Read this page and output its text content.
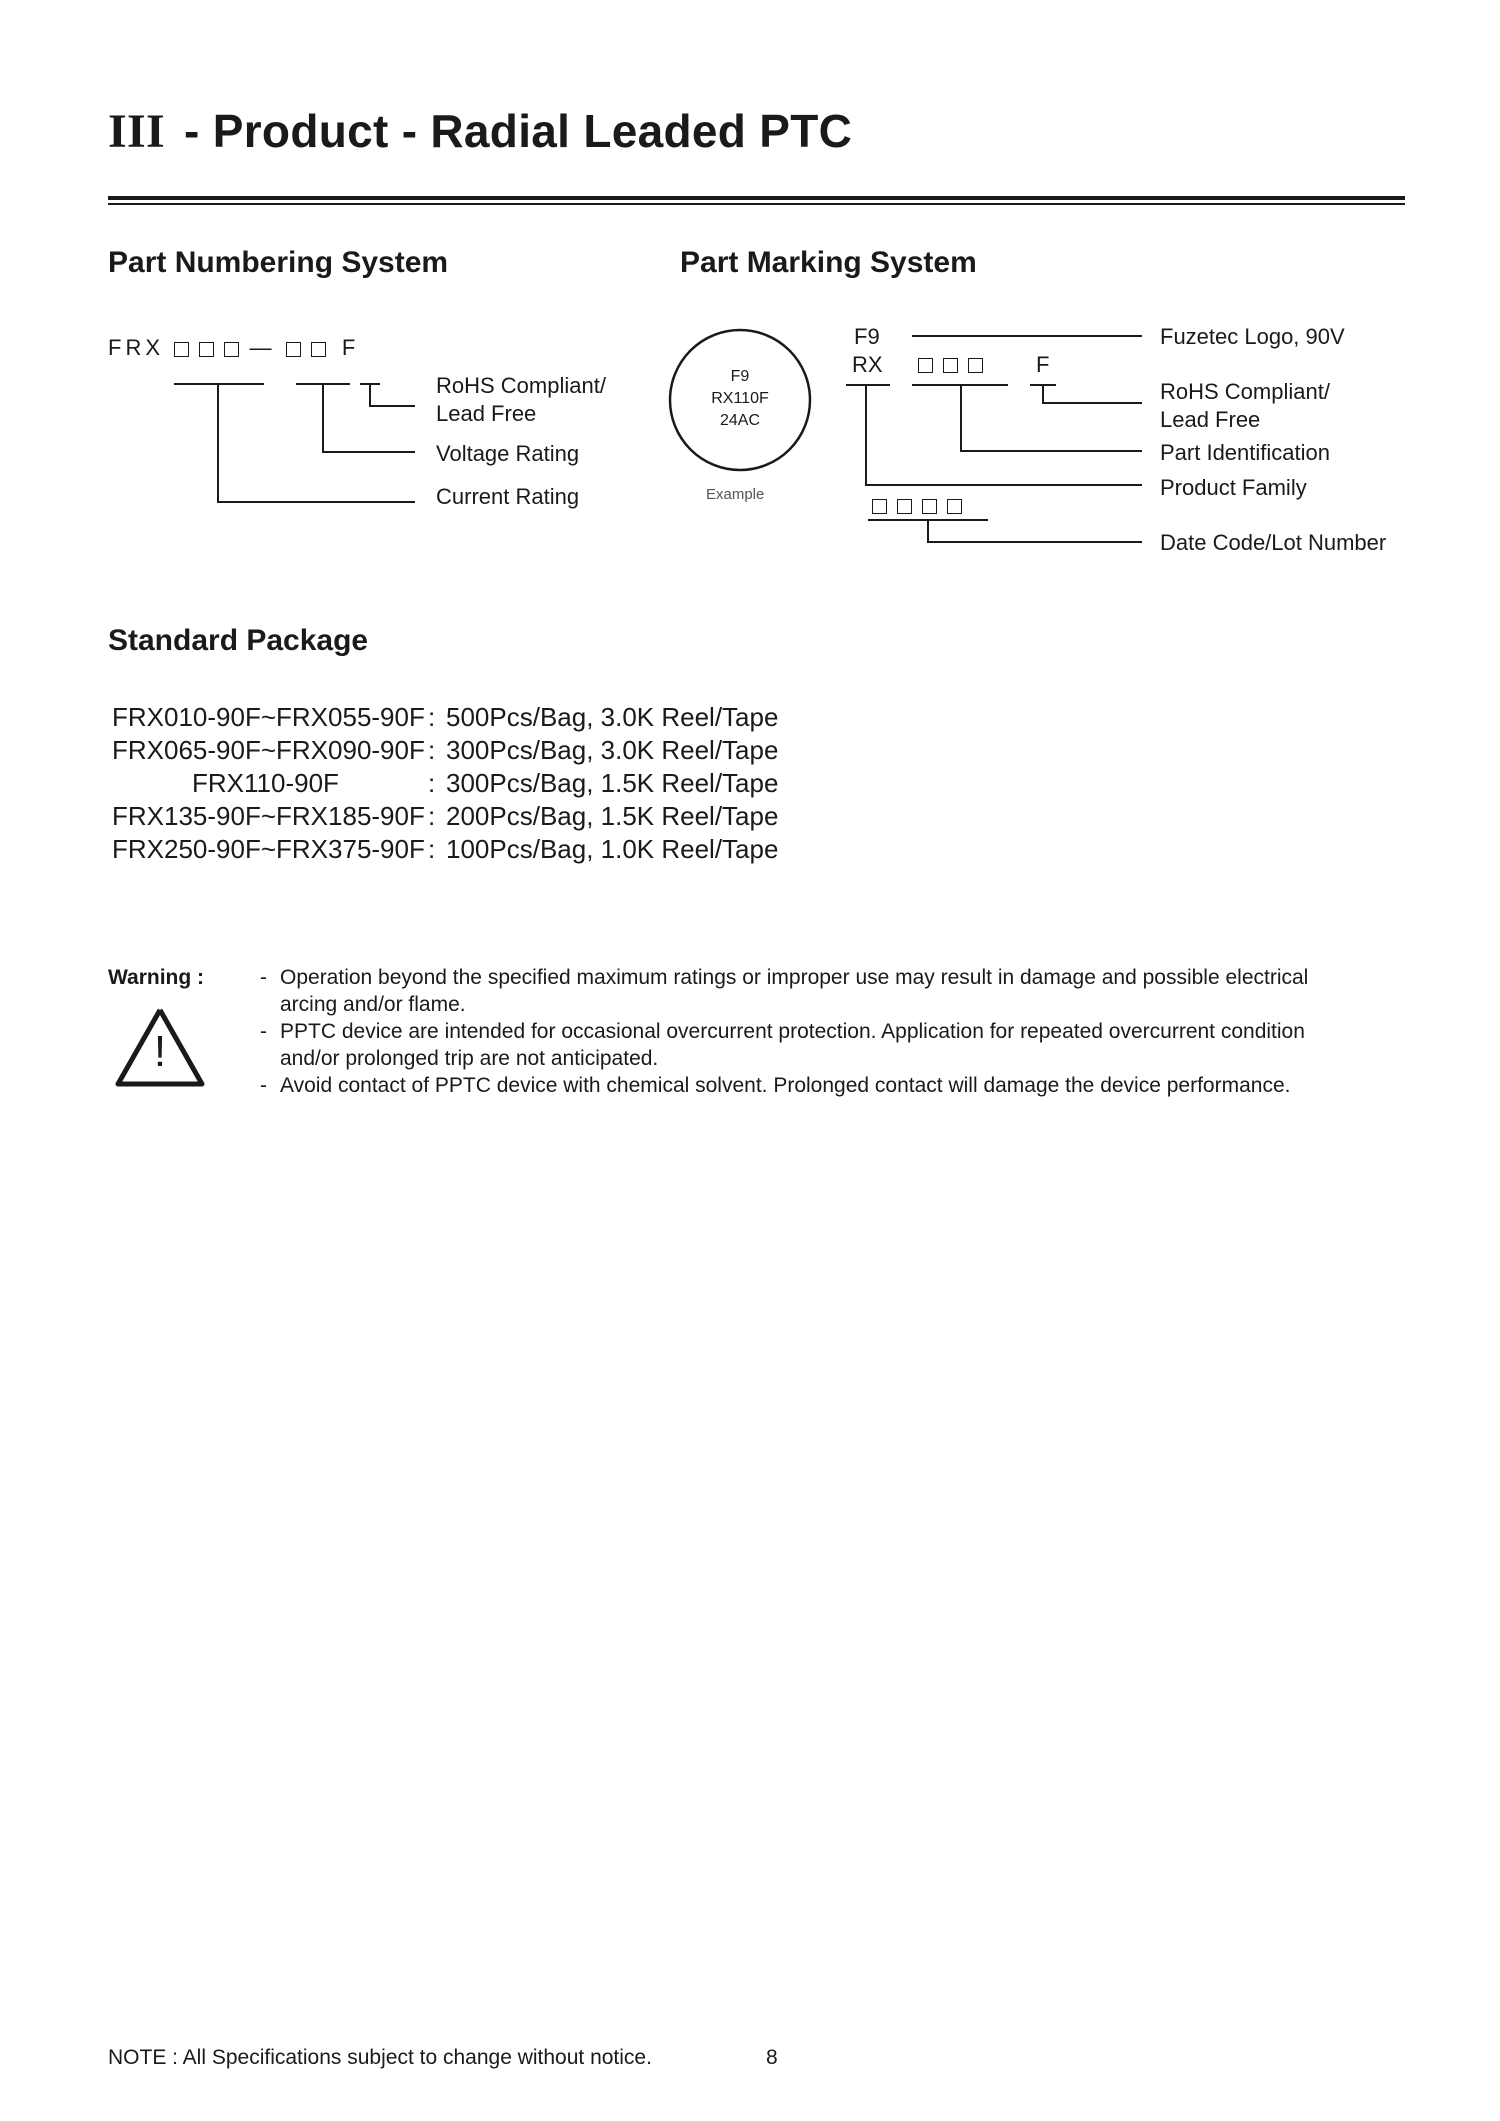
III - Product - Radial Leaded PTC
Part Numbering System
FRX	—	F
RoHS Compliant/
Lead Free
Voltage Rating
Current Rating
Part Marking System
F9
RX110F
24AC
Example
F9
RX
	F

Fuzetec Logo, 90V
RoHS Compliant/
Lead Free
Part Identification
Product Family
Date Code/Lot Number
Standard Package
FRX010-90F~FRX055-90F : 500Pcs/Bag, 3.0K Reel/Tape
FRX065-90F~FRX090-90F : 300Pcs/Bag, 3.0K Reel/Tape
FRX110-90F	: 300Pcs/Bag, 1.5K Reel/Tape
FRX135-90F~FRX185-90F : 200Pcs/Bag, 1.5K Reel/Tape
FRX250-90F~FRX375-90F : 100Pcs/Bag, 1.0K Reel/Tape
Warning :
!
- Operation beyond the specified maximum ratings or improper use may result in damage and possible electrical
arcing and/or flame.
- PPTC device are intended for occasional overcurrent protection. Application for repeated overcurrent condition
and/or prolonged trip are not anticipated.
- Avoid contact of PPTC device with chemical solvent. Prolonged contact will damage the device performance.
NOTE : All Specifications subject to change without notice.	8
